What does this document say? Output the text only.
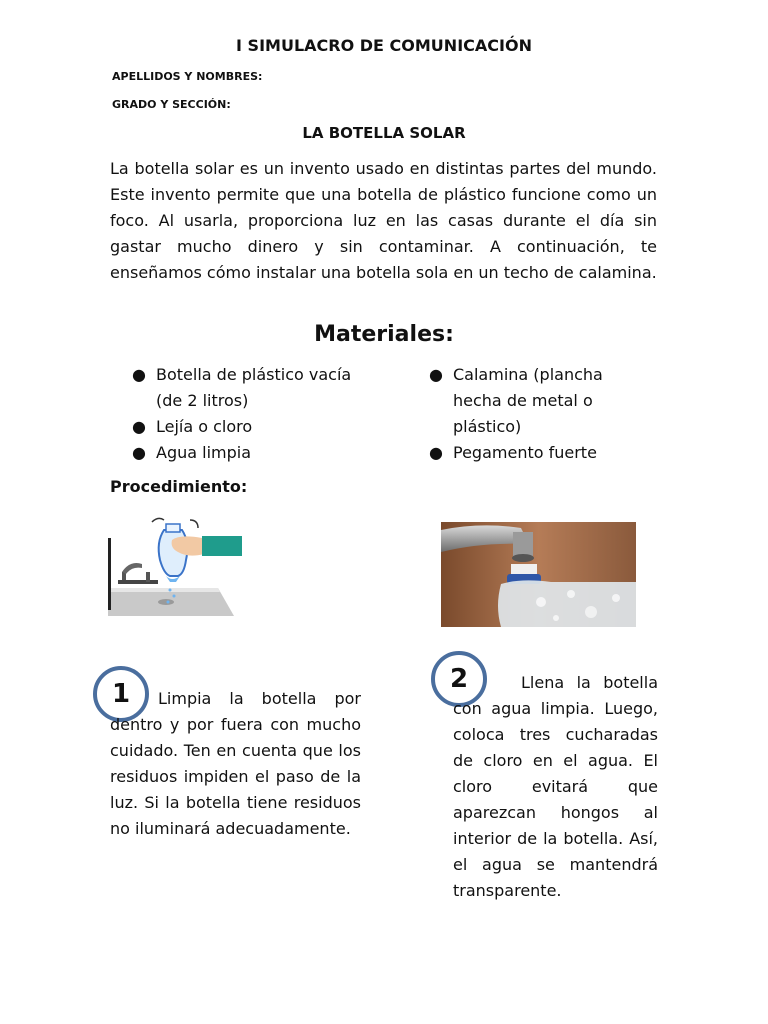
I SIMULACRO DE COMUNICACIÓN
APELLIDOS Y NOMBRES:
GRADO Y SECCIÓN:
LA BOTELLA SOLAR
La botella solar es un invento usado en distintas partes del mundo. Este invento permite que una botella de plástico funcione como un foco. Al usarla, proporciona luz en las casas durante el día sin gastar mucho dinero y sin contaminar. A continuación, te enseñamos cómo instalar una botella sola en un techo de calamina.
Materiales:
● Botella de plástico vacía (de 2 litros)
● Lejía o cloro
● Agua limpia
● Calamina (plancha hecha de metal o plástico)
● Pegamento fuerte
Procedimiento:
1	Limpia la botella por dentro y por fuera con mucho cuidado. Ten en cuenta que los residuos impiden el paso de la luz. Si la botella tiene residuos no iluminará adecuadamente.
2	Llena la botella con agua limpia. Luego, coloca tres cucharadas de cloro en el agua. El cloro evitará que aparezcan hongos al interior de la botella. Así, el agua se mantendrá transparente.
